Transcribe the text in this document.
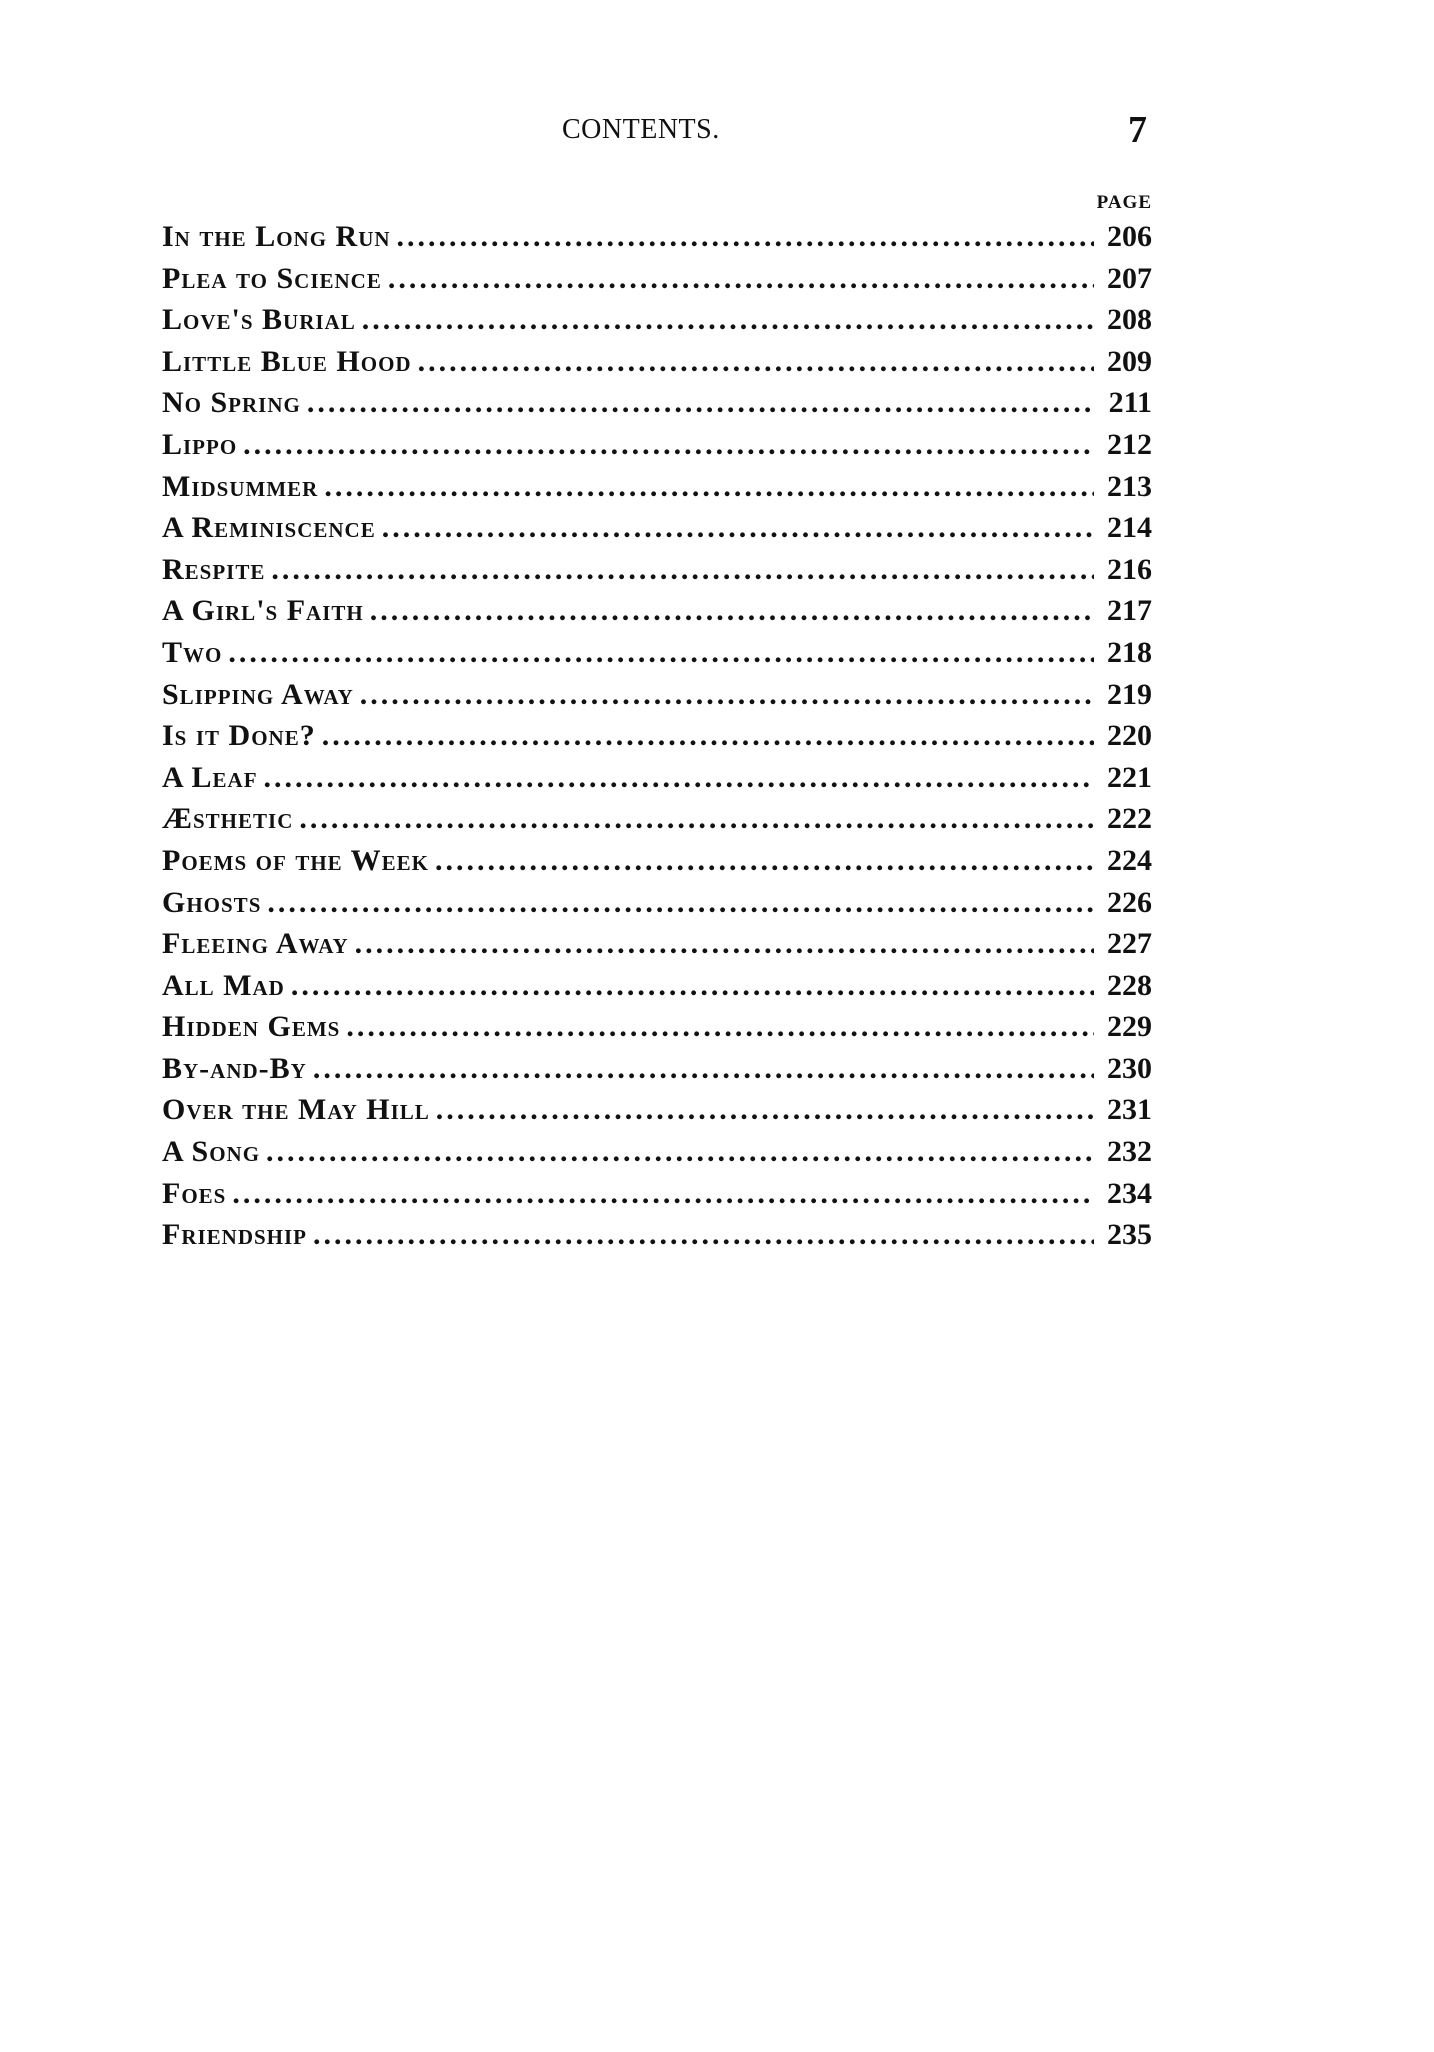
CONTENTS.	7
PAGE
In the Long Run .....	206
Plea to Science .....	207
Love's Burial .....	208
Little Blue Hood .....	209
No Spring .....	211
Lippo .....	212
Midsummer .....	213
A Reminiscence .....	214
Respite .....	216
A Girl's Faith .....	217
Two .....	218
Slipping Away .....	219
Is it Done? .....	220
A Leaf .....	221
Æsthetic .....	222
Poems of the Week .....	224
Ghosts .....	226
Fleeing Away .....	227
All Mad .....	228
Hidden Gems .....	229
By-and-By .....	230
Over the May Hill .....	231
A Song .....	232
Foes .....	234
Friendship .....	235
